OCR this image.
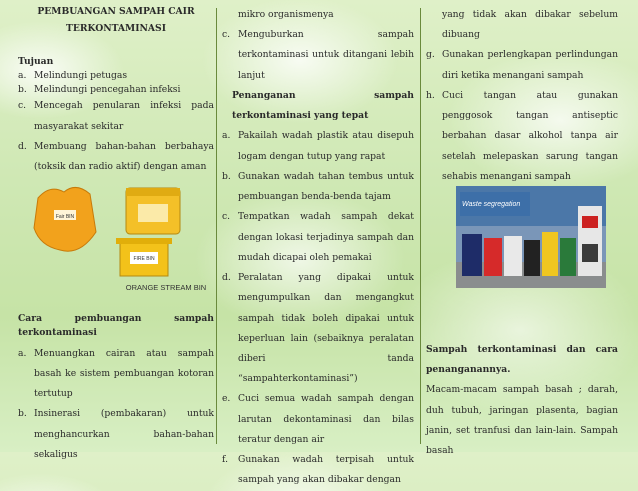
PEMBUANGAN SAMPAH CAIR

TERKONTAMINASI

Tujuan

a. Melindungi petugas
b. Melindungi pencegahan infeksi
c. Mencegah penularan infeksi pada masyarakat sekitar
d. Membuang bahan-bahan berbahaya (toksik dan radio aktif) dengan aman
Fair BIN
FIRE BIN
ORANGE STREAM BIN

Cara pembuangan sampah terkontaminasi

a. Menuangkan cairan atau sampah basah ke sistem pembuangan kotoran tertutup
b. Insinerasi (pembakaran) untuk menghancurkan bahan-bahan sekaligus

mikro organismenya

c. Menguburkan sampah terkontaminasi untuk ditangani lebih lanjut

Penanganan sampah terkontaminasi yang tepat

a. Pakailah wadah plastik atau disepuh logam dengan tutup yang rapat
b. Gunakan wadah tahan tembus untuk pembuangan benda-benda tajam
c. Tempatkan wadah sampah dekat dengan lokasi terjadinya sampah dan mudah dicapai oleh pemakai
d. Peralatan yang dipakai untuk mengumpulkan dan mengangkut sampah tidak boleh dipakai untuk keperluan lain (sebaiknya peralatan diberi tanda “sampahterkontaminasi”)
e. Cuci semua wadah sampah dengan larutan dekontaminasi dan bilas teratur dengan air
f. Gunakan wadah terpisah untuk sampah yang akan dibakar dengan

yang tidak akan dibakar sebelum dibuang

g. Gunakan perlengkapan perlindungan diri ketika menangani sampah
h. Cuci tangan atau gunakan penggosok tangan antiseptic berbahan dasar alkohol tanpa air setelah melepaskan sarung tangan sehabis menangani sampah
Waste segregation

Sampah terkontaminasi dan cara penanganannya.

Macam-macam sampah basah ; darah, duh tubuh, jaringan plasenta, bagian janin, set tranfusi dan lain-lain. Sampah basah
